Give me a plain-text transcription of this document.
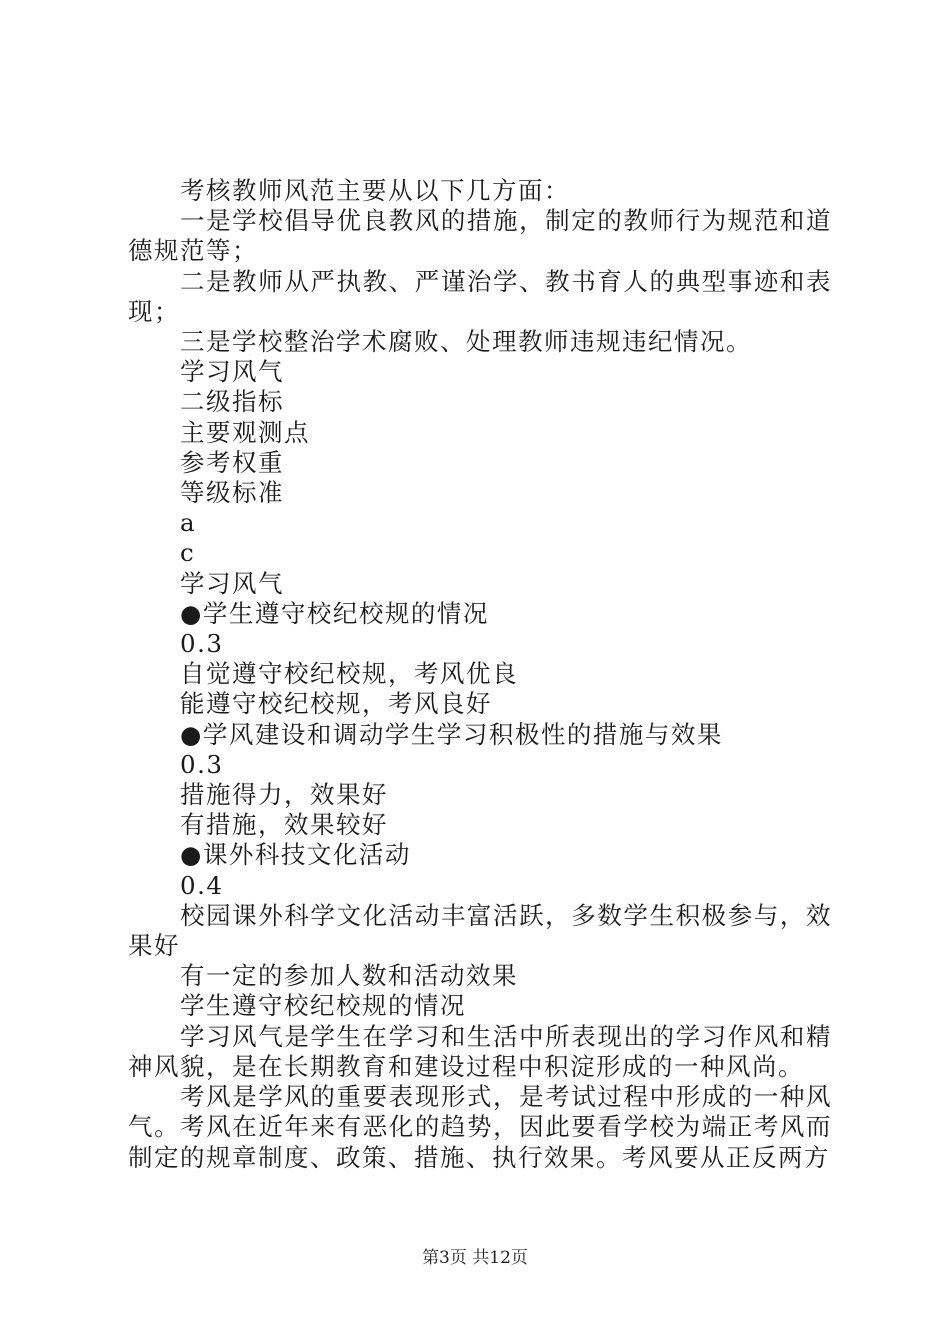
考核教师风范主要从以下几方面：

一是学校倡导优良教风的措施，制定的教师行为规范和道德规范等；

二是教师从严执教、严谨治学、教书育人的典型事迹和表现；

三是学校整治学术腐败、处理教师违规违纪情况。

学习风气

二级指标

主要观测点

参考权重

等级标准

a

c

学习风气

●学生遵守校纪校规的情况

0.3

自觉遵守校纪校规，考风优良

能遵守校纪校规，考风良好

●学风建设和调动学生学习积极性的措施与效果

0.3

措施得力，效果好

有措施，效果较好

●课外科技文化活动

0.4

校园课外科学文化活动丰富活跃，多数学生积极参与，效果好

有一定的参加人数和活动效果

学生遵守校纪校规的情况

学习风气是学生在学习和生活中所表现出的学习作风和精神风貌，是在长期教育和建设过程中积淀形成的一种风尚。

考风是学风的重要表现形式，是考试过程中形成的一种风气。考风在近年来有恶化的趋势，因此要看学校为端正考风而制定的规章制度、政策、措施、执行效果。考风要从正反两方

第3页 共12页
